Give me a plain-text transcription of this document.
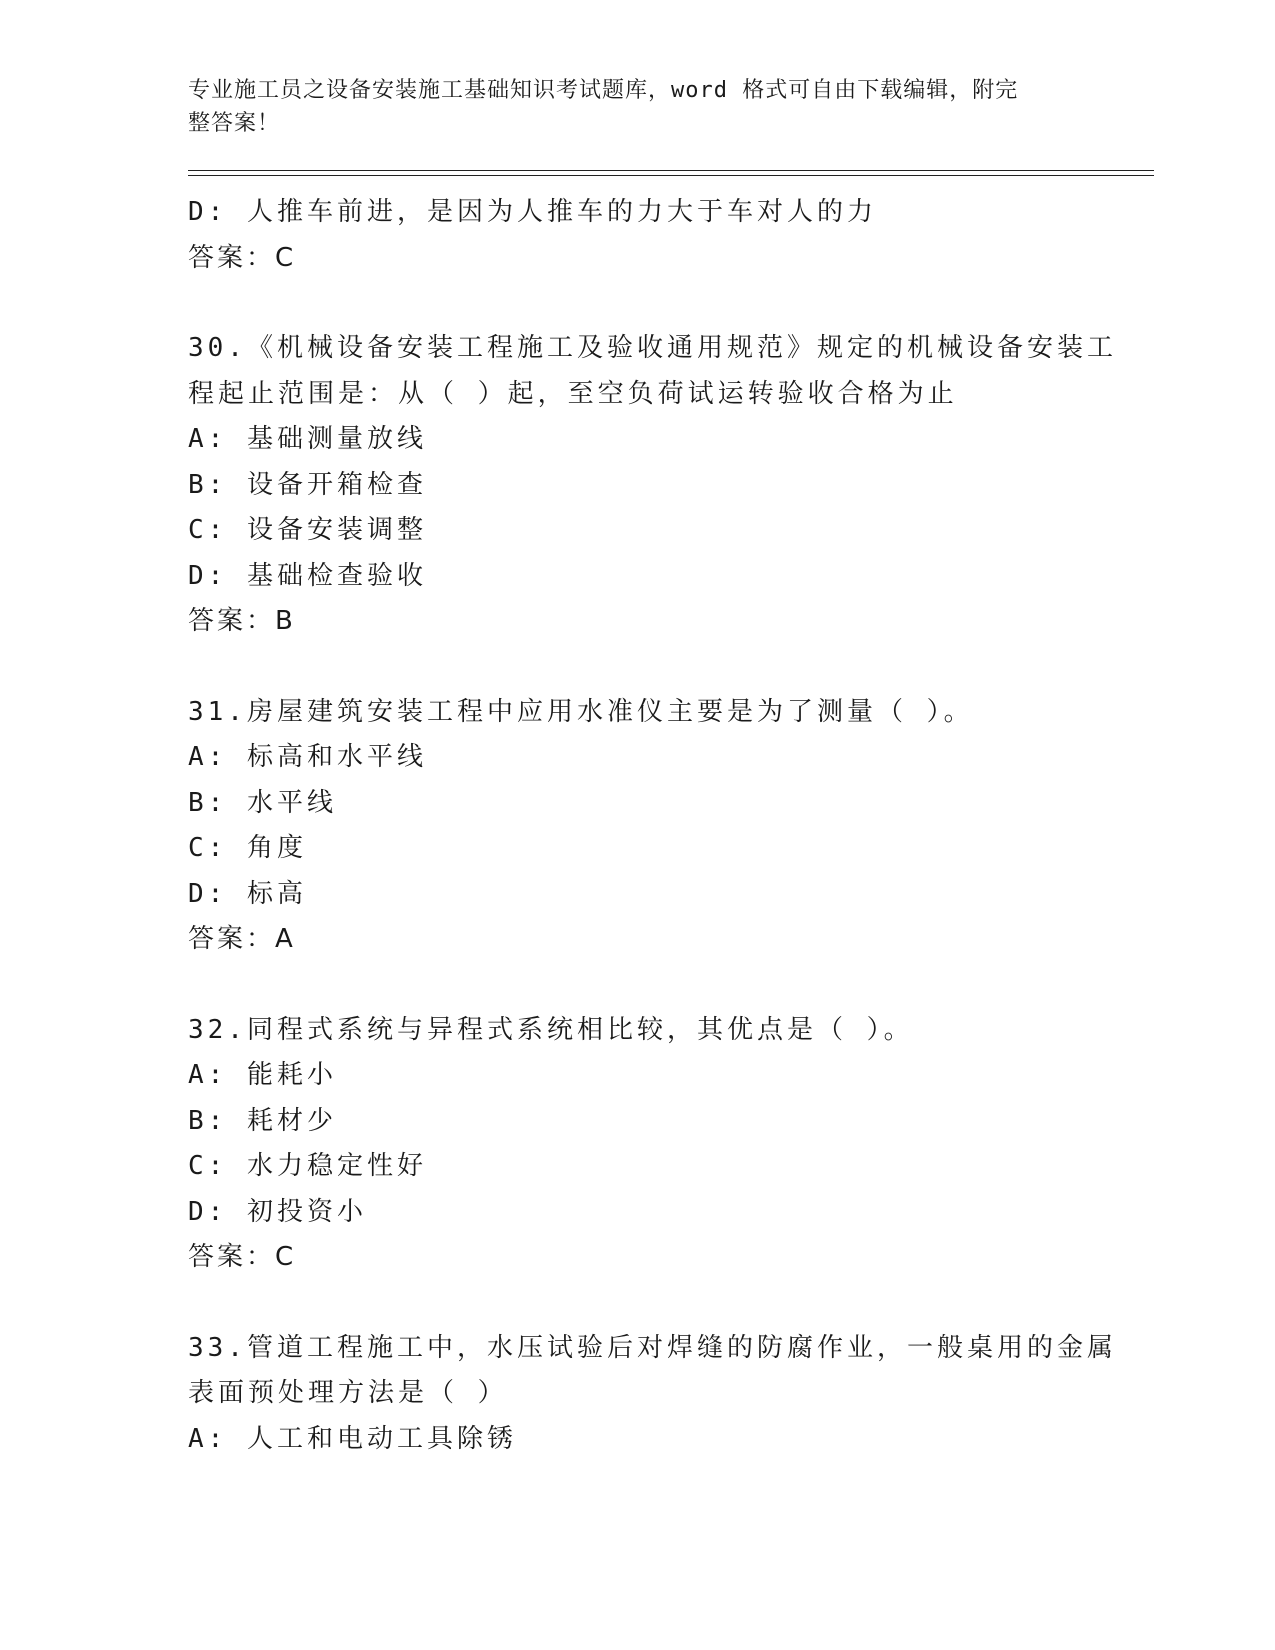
专业施工员之设备安装施工基础知识考试题库，word 格式可自由下载编辑，附完
整答案！
D: 人推车前进，是因为人推车的力大于车对人的力
答案：C
30.《机械设备安装工程施工及验收通用规范》规定的机械设备安装工
程起止范围是：从（ ）起，至空负荷试运转验收合格为止
A: 基础测量放线
B: 设备开箱检查
C: 设备安装调整
D: 基础检查验收
答案：B
31.房屋建筑安装工程中应用水准仪主要是为了测量（ ）。
A: 标高和水平线
B: 水平线
C: 角度
D: 标高
答案：A
32.同程式系统与异程式系统相比较，其优点是（ ）。
A: 能耗小
B: 耗材少
C: 水力稳定性好
D: 初投资小
答案：C
33.管道工程施工中，水压试验后对焊缝的防腐作业，一般桌用的金属
表面预处理方法是（ ）
A: 人工和电动工具除锈
